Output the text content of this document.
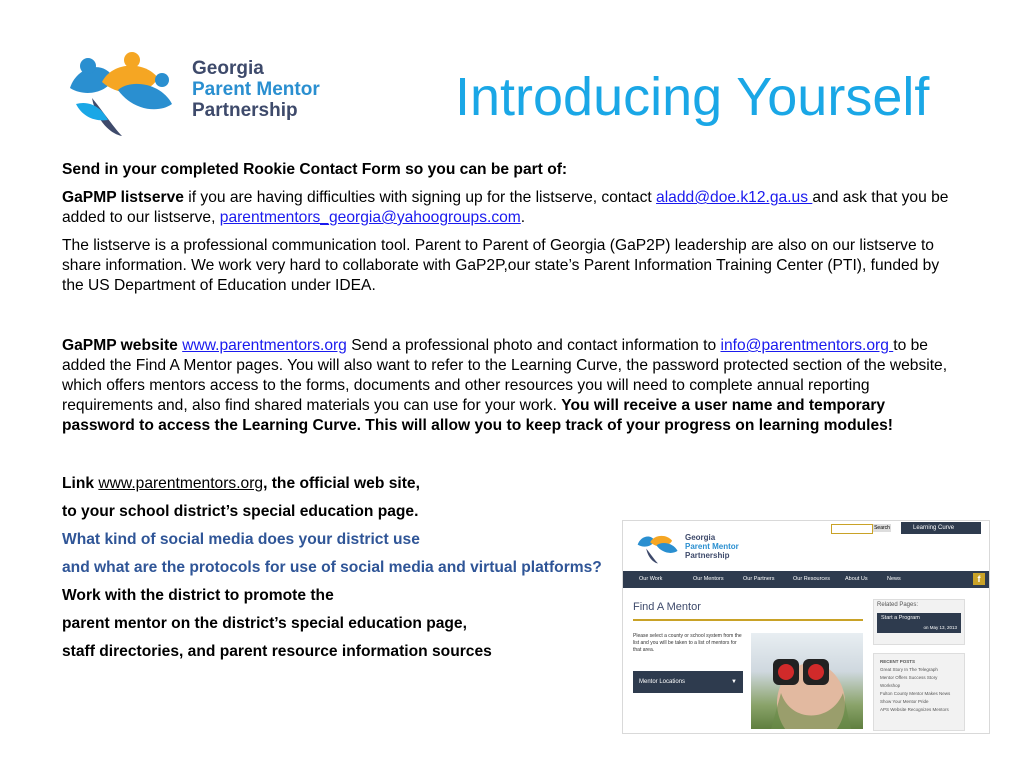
Georgia
Parent Mentor
Partnership	Introducing Yourself

Send in your completed Rookie Contact Form so you can be part of:

GaPMP listserve if you are having difficulties with signing up for the listserve, contact aladd@doe.k12.ga.us and ask that you be added to our listserve, parentmentors_georgia@yahoogroups.com.

The listserve is a professional communication tool. Parent to Parent of Georgia (GaP2P) leadership are also on our listserve to share information. We work very hard to collaborate with GaP2P,our state’s Parent Information Training Center (PTI), funded by the US Department of Education under IDEA.

GaPMP website www.parentmentors.org Send a professional photo and contact information to info@parentmentors.org to be added the Find A Mentor pages. You will also want to refer to the Learning Curve, the password protected section of the website, which offers mentors access to the forms, documents and other resources you will need to complete annual reporting requirements and, also find shared materials you can use for your work. You will receive a user name and temporary password to access the Learning Curve. This will allow you to keep track of your progress on learning modules!

Link www.parentmentors.org, the official web site,

to your school district’s special education page.

What kind of social media does your district use

and what are the protocols for use of social media and virtual platforms?

Work with the district to promote the

parent mentor on the district’s special education page,

staff directories, and parent resource information sources

Search	Learning Curve
Georgia
Parent Mentor
Partnership
Our Work	Our Mentors	Our Partners	Our Resources	About Us	News	f
Find A Mentor
Please select a county or school system from the list and you will be taken to a list of mentors for that area.
Mentor Locations	▼
Related Pages:
Start a Program
on May 13, 2013
RECENT POSTS
Great Story In The Telegraph
Mentor Offers Success Story
Workshop
Fulton County Mentor Makes News
Show Your Mentor Pride
APS Website Recognizes Mentors
